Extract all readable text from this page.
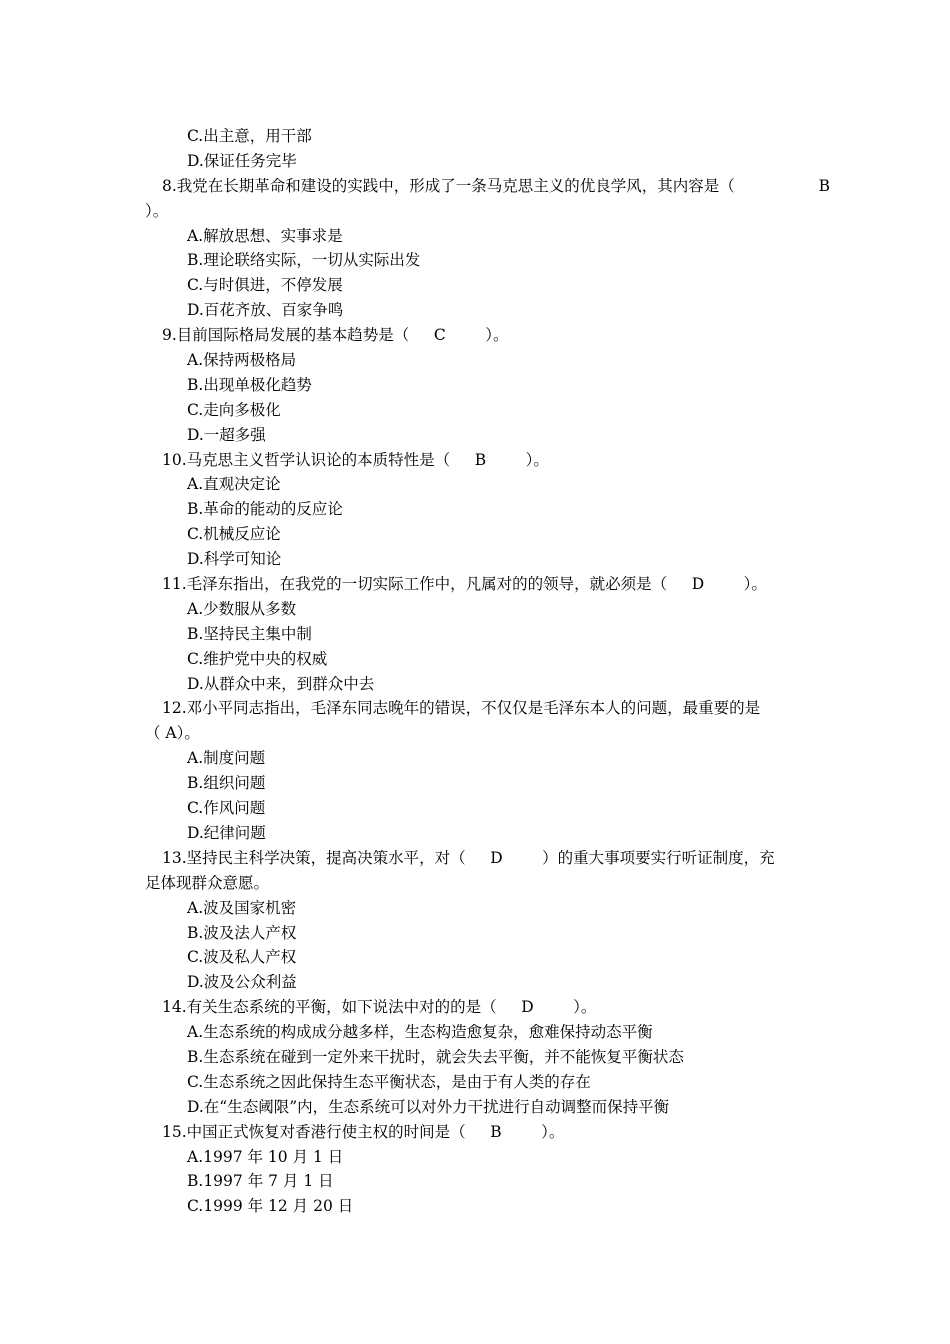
C.出主意，用干部
D.保证任务完毕
8.我党在长期革命和建设的实践中，形成了一条马克思主义的优良学风，其内容是（	B
）。
A.解放思想、实事求是
B.理论联络实际，一切从实际出发
C.与时俱进，不停发展
D.百花齐放、百家争鸣
9.目前国际格局发展的基本趋势是（     C        ）。
A.保持两极格局
B.出现单极化趋势
C.走向多极化
D.一超多强
10.马克思主义哲学认识论的本质特性是（     B        ）。
A.直观决定论
B.革命的能动的反应论
C.机械反应论
D.科学可知论
11.毛泽东指出，在我党的一切实际工作中，凡属对的的领导，就必须是（     D        ）。
A.少数服从多数
B.坚持民主集中制
C.维护党中央的权威
D.从群众中来，到群众中去
12.邓小平同志指出，毛泽东同志晚年的错误，不仅仅是毛泽东本人的问题，最重要的是
（ A）。
A.制度问题
B.组织问题
C.作风问题
D.纪律问题
13.坚持民主科学决策，提高决策水平，对（     D        ）的重大事项要实行听证制度，充
足体现群众意愿。
A.波及国家机密
B.波及法人产权
C.波及私人产权
D.波及公众利益
14.有关生态系统的平衡，如下说法中对的的是（     D        ）。
A.生态系统的构成成分越多样，生态构造愈复杂，愈难保持动态平衡
B.生态系统在碰到一定外来干扰时，就会失去平衡，并不能恢复平衡状态
C.生态系统之因此保持生态平衡状态，是由于有人类的存在
D.在“生态阈限”内，生态系统可以对外力干扰进行自动调整而保持平衡
15.中国正式恢复对香港行使主权的时间是（     B        ）。
A.1997 年 10 月 1 日
B.1997 年 7 月 1 日
C.1999 年 12 月 20 日
